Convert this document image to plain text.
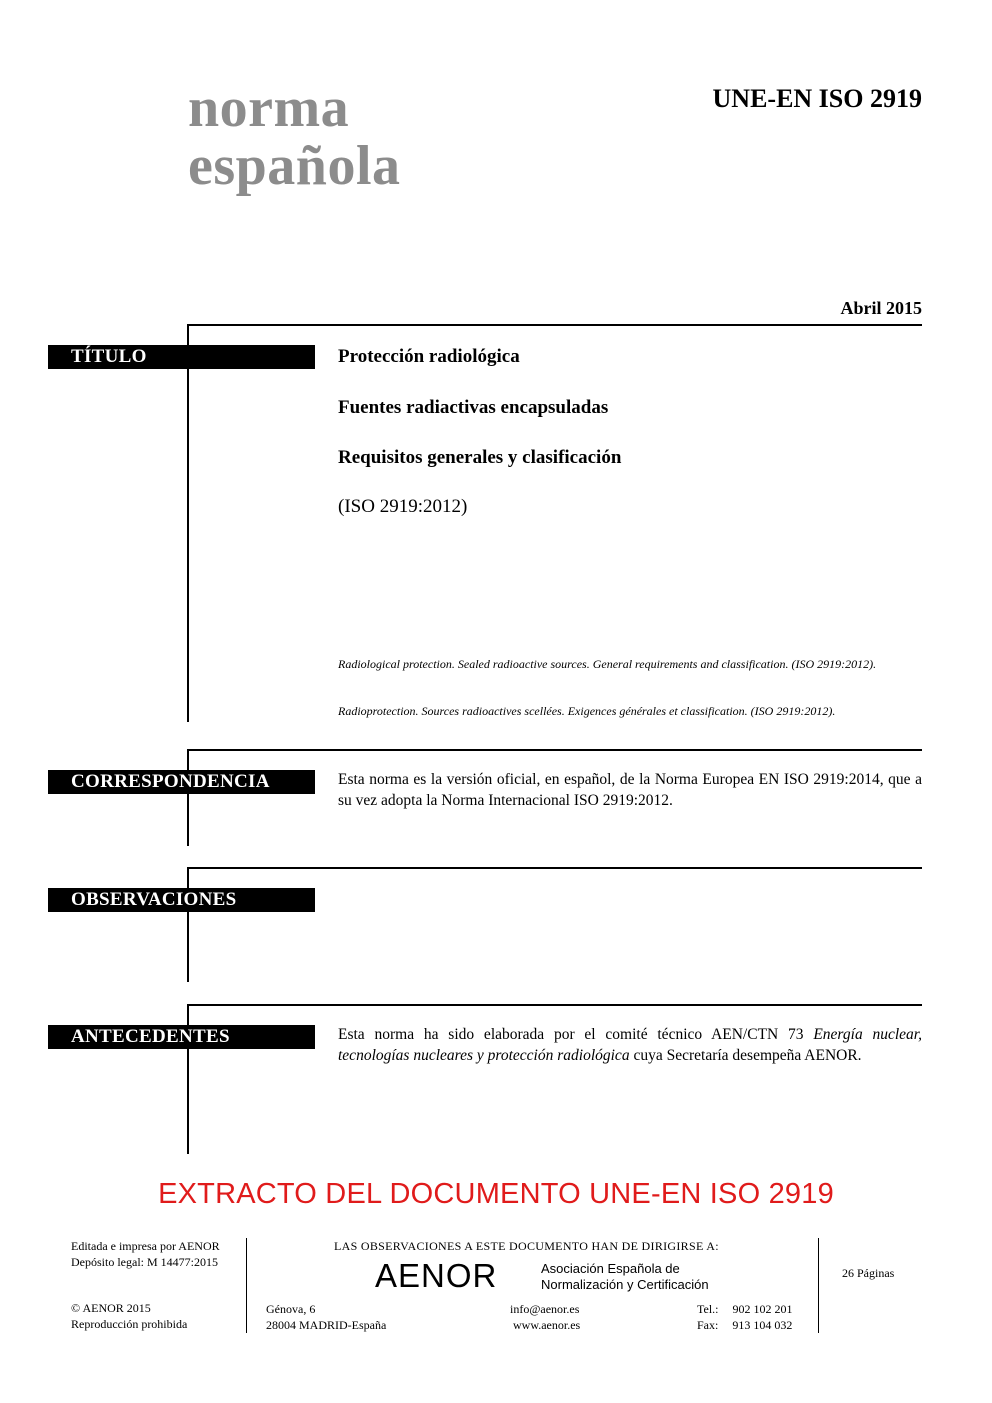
norma
española
UNE-EN ISO 2919
Abril 2015
TÍTULO	Protección radiológica
Fuentes radiactivas encapsuladas
Requisitos generales y clasificación
(ISO 2919:2012)
Radiological protection. Sealed radioactive sources. General requirements and classification. (ISO 2919:2012).
Radioprotection. Sources radioactives scellées. Exigences générales et classification. (ISO 2919:2012).
CORRESPONDENCIA	Esta norma es la versión oficial, en español, de la Norma Europea EN ISO 2919:2014, que a su vez adopta la Norma Internacional ISO 2919:2012.
OBSERVACIONES
ANTECEDENTES	Esta norma ha sido elaborada por el comité técnico AEN/CTN 73 Energía nuclear, tecnologías nucleares y protección radiológica cuya Secretaría desempeña AENOR.
EXTRACTO DEL DOCUMENTO UNE-EN ISO 2919
Editada e impresa por AENOR
Depósito legal: M 14477:2015
© AENOR 2015
Reproducción prohibida
LAS OBSERVACIONES A ESTE DOCUMENTO HAN DE DIRIGIRSE A:
AENOR	Asociación Española de
Normalización y Certificación
Génova, 6
28004 MADRID-España
info@aenor.es
www.aenor.es
Tel.: 902 102 201
Fax: 913 104 032
26 Páginas
